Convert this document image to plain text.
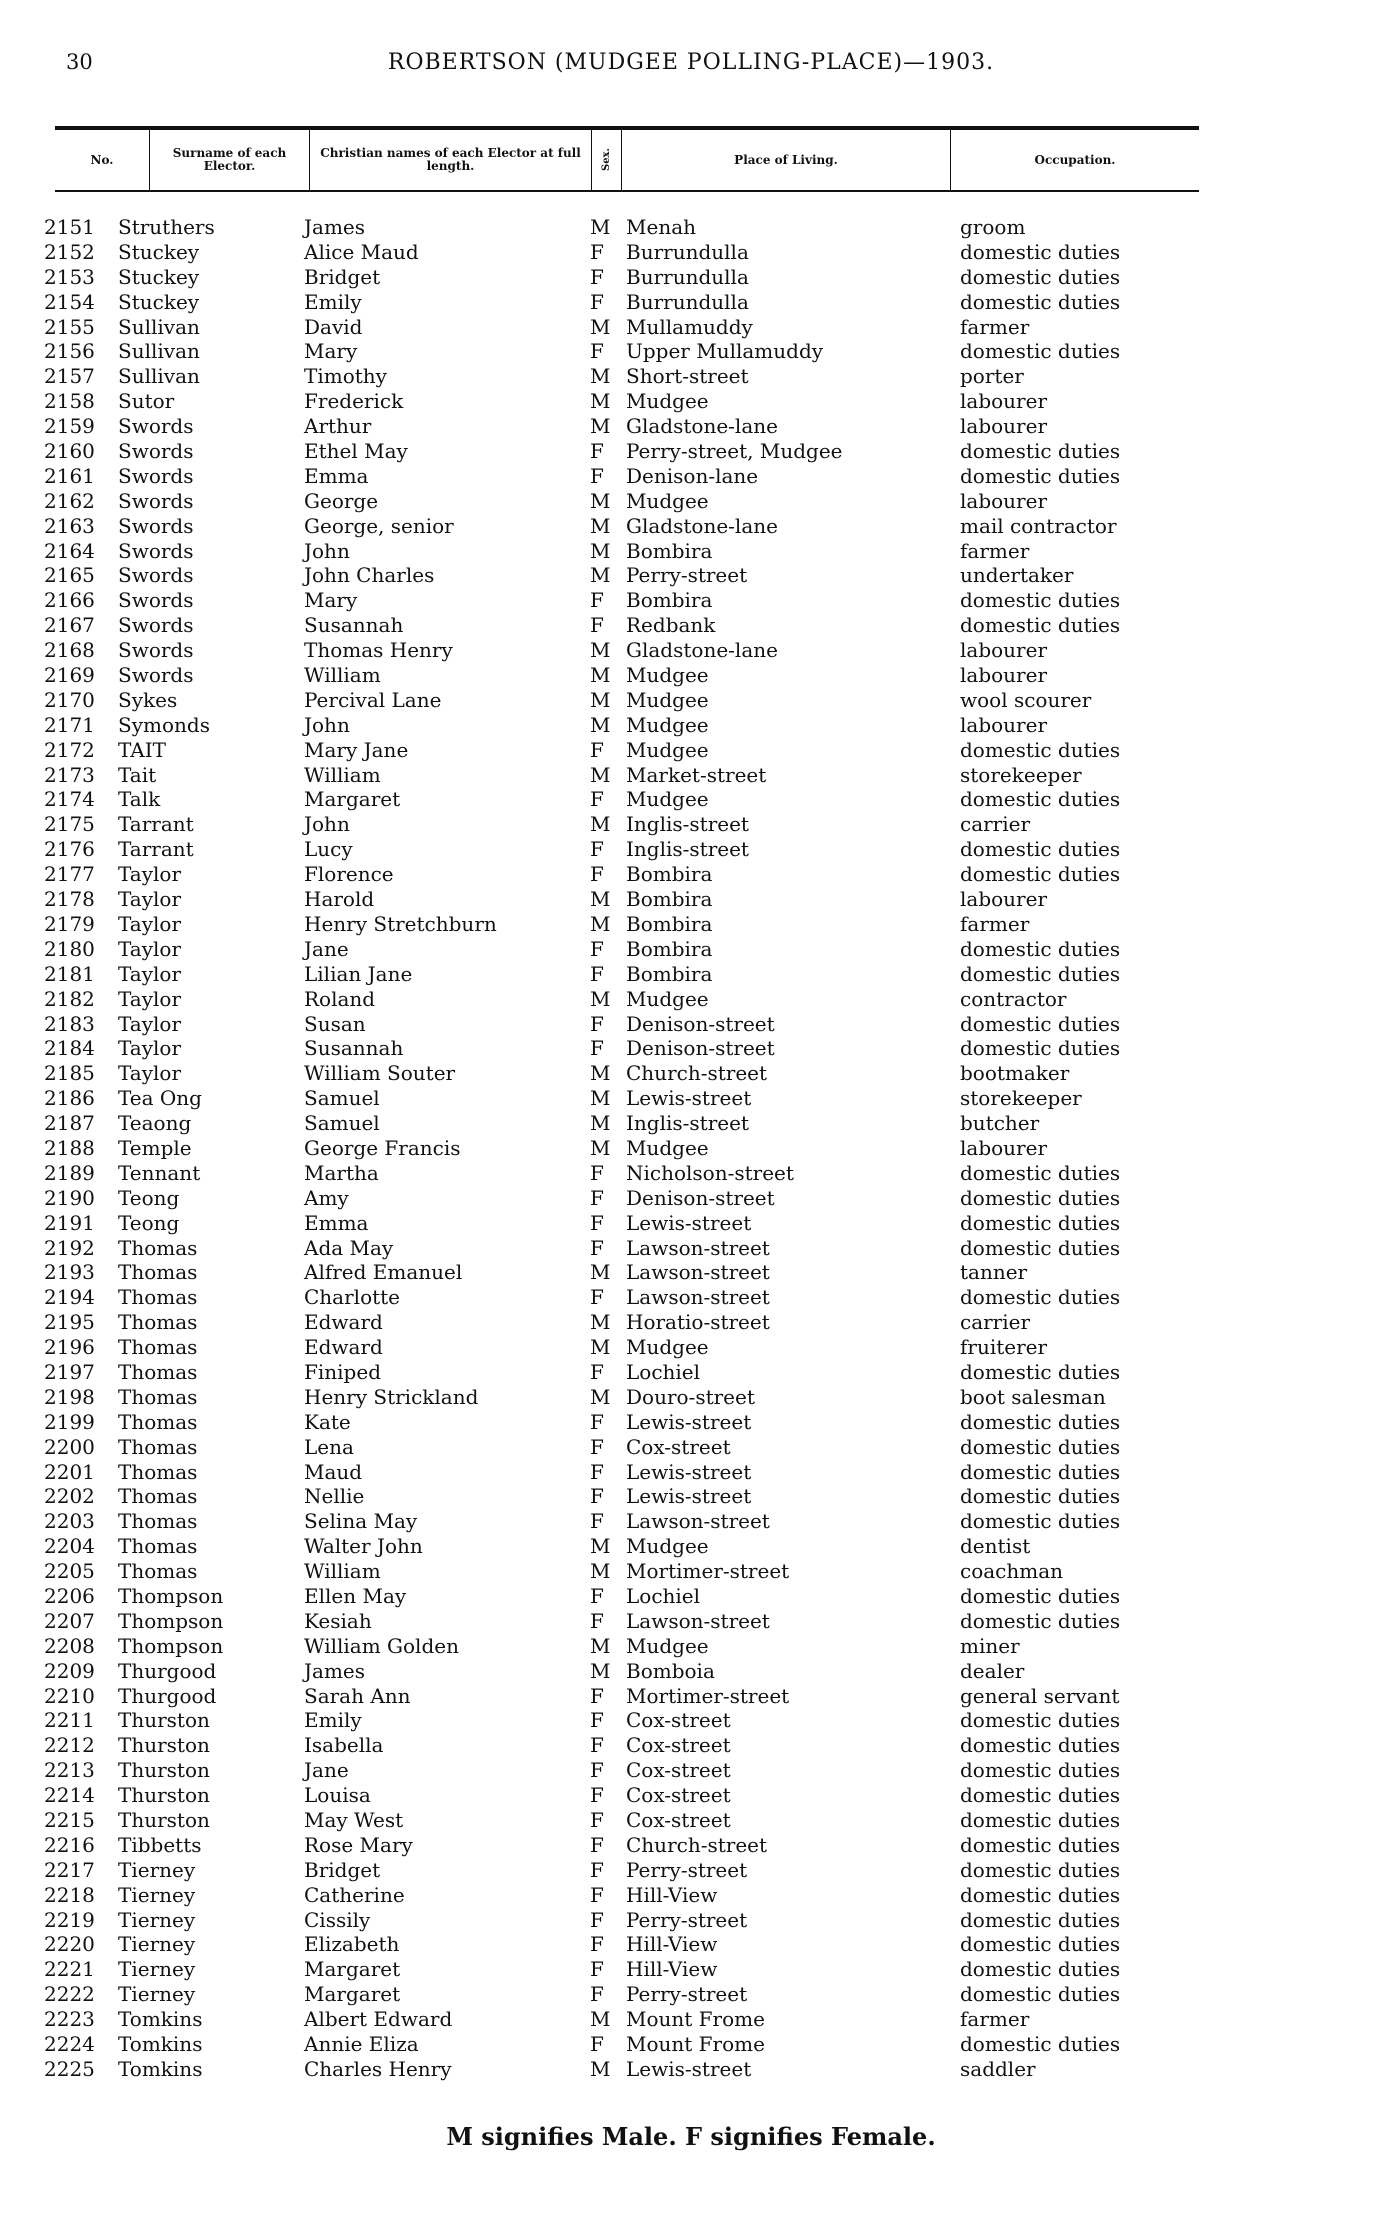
30	ROBERTSON (MUDGEE POLLING-PLACE)—1903.
No.	Surname of each Elector.
Christian names of each Elector at full length.	Sex.	Place of Living.	Occupation.
2151 Struthers	James	M Menah	groom
2152 Stuckey	Alice Maud	F Burrundulla	domestic duties
2153 Stuckey	Bridget	F Burrundulla	domestic duties
2154 Stuckey	Emily	F Burrundulla	domestic duties
2155 Sullivan	David	M Mullamuddy	farmer
2156 Sullivan	Mary	F Upper Mullamuddy	domestic duties
2157 Sullivan	Timothy	M Short-street	porter
2158 Sutor	Frederick	M Mudgee	labourer
2159 Swords	Arthur	M Gladstone-lane	labourer
2160 Swords	Ethel May	F Perry-street, Mudgee	domestic duties
2161 Swords	Emma	F Denison-lane	domestic duties
2162 Swords	George	M Mudgee	labourer
2163 Swords	George, senior	M Gladstone-lane	mail contractor
2164 Swords	John	M Bombira	farmer
2165 Swords	John Charles	M Perry-street	undertaker
2166 Swords	Mary	F Bombira	domestic duties
2167 Swords	Susannah	F Redbank	domestic duties
2168 Swords	Thomas Henry	M Gladstone-lane	labourer
2169 Swords	William	M Mudgee	labourer
2170 Sykes	Percival Lane	M Mudgee	wool scourer
2171 Symonds	John	M Mudgee	labourer
2172 TAIT	Mary Jane	F Mudgee	domestic duties
2173 Tait	William	M Market-street	storekeeper
2174 Talk	Margaret	F Mudgee	domestic duties
2175 Tarrant	John	M Inglis-street	carrier
2176 Tarrant	Lucy	F Inglis-street	domestic duties
2177 Taylor	Florence	F Bombira	domestic duties
2178 Taylor	Harold	M Bombira	labourer
2179 Taylor	Henry Stretchburn	M Bombira	farmer
2180 Taylor	Jane	F Bombira	domestic duties
2181 Taylor	Lilian Jane	F Bombira	domestic duties
2182 Taylor	Roland	M Mudgee	contractor
2183 Taylor	Susan	F Denison-street	domestic duties
2184 Taylor	Susannah	F Denison-street	domestic duties
2185 Taylor	William Souter	M Church-street	bootmaker
2186 Tea Ong	Samuel	M Lewis-street	storekeeper
2187 Teaong	Samuel	M Inglis-street	butcher
2188 Temple	George Francis	M Mudgee	labourer
2189 Tennant	Martha	F Nicholson-street	domestic duties
2190 Teong	Amy	F Denison-street	domestic duties
2191 Teong	Emma	F Lewis-street	domestic duties
2192 Thomas	Ada May	F Lawson-street	domestic duties
2193 Thomas	Alfred Emanuel	M Lawson-street	tanner
2194 Thomas	Charlotte	F Lawson-street	domestic duties
2195 Thomas	Edward	M Horatio-street	carrier
2196 Thomas	Edward	M Mudgee	fruiterer
2197 Thomas	Finiped	F Lochiel	domestic duties
2198 Thomas	Henry Strickland	M Douro-street	boot salesman
2199 Thomas	Kate	F Lewis-street	domestic duties
2200 Thomas	Lena	F Cox-street	domestic duties
2201 Thomas	Maud	F Lewis-street	domestic duties
2202 Thomas	Nellie	F Lewis-street	domestic duties
2203 Thomas	Selina May	F Lawson-street	domestic duties
2204 Thomas	Walter John	M Mudgee	dentist
2205 Thomas	William	M Mortimer-street	coachman
2206 Thompson	Ellen May	F Lochiel	domestic duties
2207 Thompson	Kesiah	F Lawson-street	domestic duties
2208 Thompson	William Golden	M Mudgee	miner
2209 Thurgood	James	M Bomboia	dealer
2210 Thurgood	Sarah Ann	F Mortimer-street	general servant
2211 Thurston	Emily	F Cox-street	domestic duties
2212 Thurston	Isabella	F Cox-street	domestic duties
2213 Thurston	Jane	F Cox-street	domestic duties
2214 Thurston	Louisa	F Cox-street	domestic duties
2215 Thurston	May West	F Cox-street	domestic duties
2216 Tibbetts	Rose Mary	F Church-street	domestic duties
2217 Tierney	Bridget	F Perry-street	domestic duties
2218 Tierney	Catherine	F Hill-View	domestic duties
2219 Tierney	Cissily	F Perry-street	domestic duties
2220 Tierney	Elizabeth	F Hill-View	domestic duties
2221 Tierney	Margaret	F Hill-View	domestic duties
2222 Tierney	Margaret	F Perry-street	domestic duties
2223 Tomkins	Albert Edward	M Mount Frome	farmer
2224 Tomkins	Annie Eliza	F Mount Frome	domestic duties
2225 Tomkins	Charles Henry	M Lewis-street	saddler
M signifies Male. F signifies Female.
